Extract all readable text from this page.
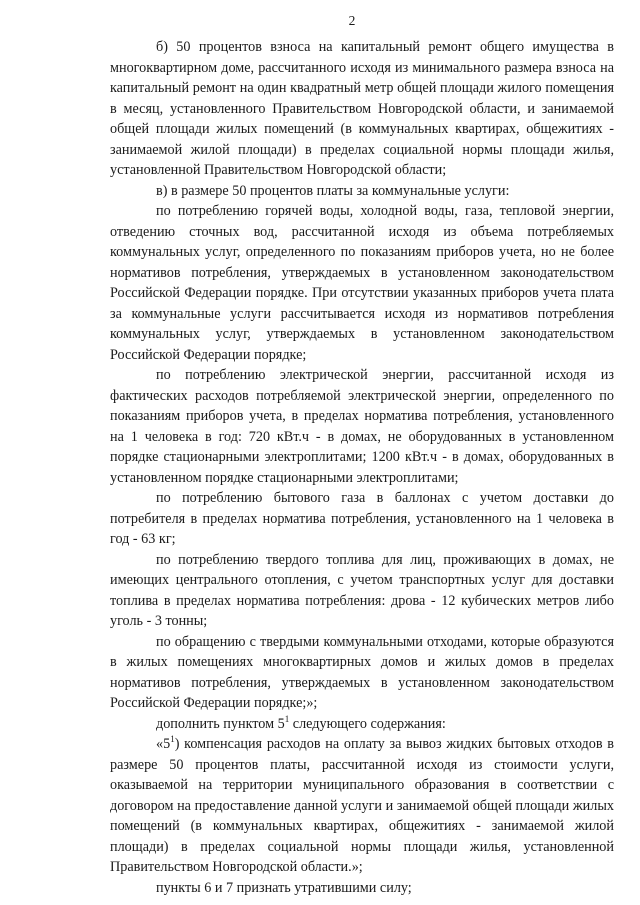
2

б) 50 процентов взноса на капитальный ремонт общего имущества в многоквартирном доме, рассчитанного исходя из минимального размера взноса на капитальный ремонт на один квадратный метр общей площади жилого помещения в месяц, установленного Правительством Новгородской области, и занимаемой общей площади жилых помещений (в коммунальных квартирах, общежитиях - занимаемой жилой площади) в пределах социальной нормы площади жилья, установленной Правительством Новгородской области;

в) в размере 50 процентов платы за коммунальные услуги:

по потреблению горячей воды, холодной воды, газа, тепловой энергии, отведению сточных вод, рассчитанной исходя из объема потребляемых коммунальных услуг, определенного по показаниям приборов учета, но не более нормативов потребления, утверждаемых в установленном законодательством Российской Федерации порядке. При отсутствии указанных приборов учета плата за коммунальные услуги рассчитывается исходя из нормативов потребления коммунальных услуг, утверждаемых в установленном законодательством Российской Федерации порядке;

по потреблению электрической энергии, рассчитанной исходя из фактических расходов потребляемой электрической энергии, определенного по показаниям приборов учета, в пределах норматива потребления, установленного на 1 человека в год: 720 кВт.ч - в домах, не оборудованных в установленном порядке стационарными электроплитами; 1200 кВт.ч - в домах, оборудованных в установленном порядке стационарными электроплитами;

по потреблению бытового газа в баллонах с учетом доставки до потребителя в пределах норматива потребления, установленного на 1 человека в год - 63 кг;

по потреблению твердого топлива для лиц, проживающих в домах, не имеющих центрального отопления, с учетом транспортных услуг для доставки топлива в пределах норматива потребления: дрова - 12 кубических метров либо уголь - 3 тонны;

по обращению с твердыми коммунальными отходами, которые образуются в жилых помещениях многоквартирных домов и жилых домов в пределах нормативов потребления, утверждаемых в установленном законодательством Российской Федерации порядке;»;

дополнить пунктом $5^1$ следующего содержания:

«$5^1$) компенсация расходов на оплату за вывоз жидких бытовых отходов в размере 50 процентов платы, рассчитанной исходя из стоимости услуги, оказываемой на территории муниципального образования в соответствии с договором на предоставление данной услуги и занимаемой общей площади жилых помещений (в коммунальных квартирах, общежитиях - занимаемой жилой площади) в пределах социальной нормы площади жилья, установленной Правительством Новгородской области.»;

пункты 6 и 7 признать утратившими силу;
